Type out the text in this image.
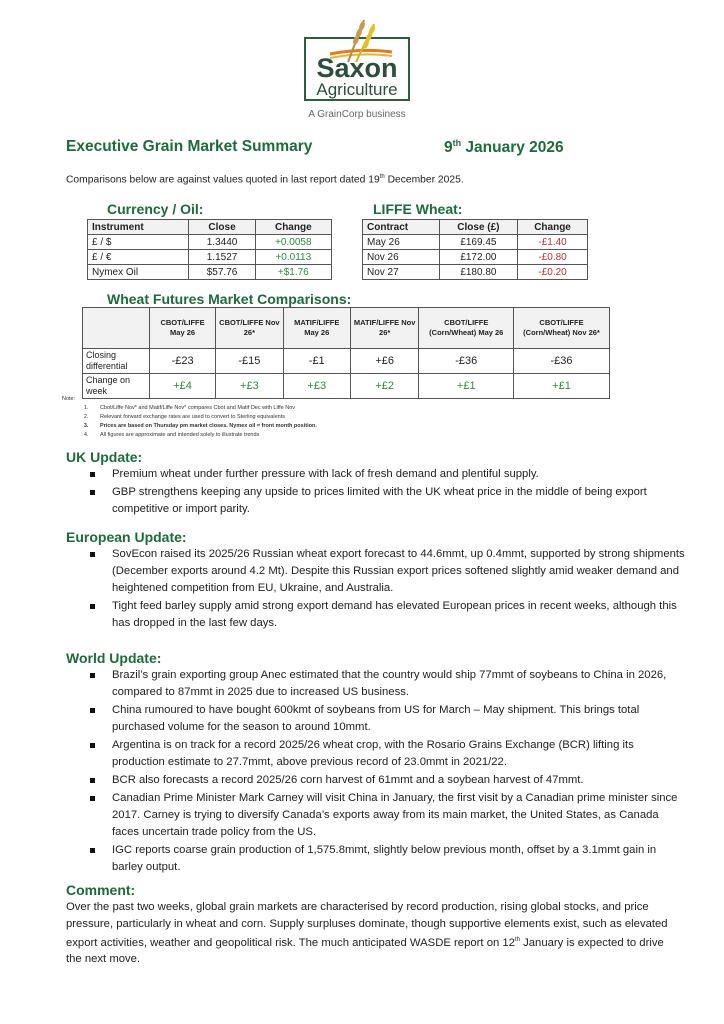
Saxon
Agriculture
A GrainCorp business
Executive Grain Market Summary	9th January 2026
Comparisons below are against values quoted in last report dated 19th December 2025.
Currency / Oil:
Instrument	Close	Change
£ / $	1.3440	+0.0058
£ / €	1.1527	+0.0113
Nymex Oil	$57.76	+$1.76
LIFFE Wheat:
Contract	Close (£)	Change
May 26	£169.45	-£1.40
Nov 26	£172.00	-£0.80
Nov 27	£180.80	-£0.20
Wheat Futures Market Comparisons:
	CBOT/LIFFE May 26	CBOT/LIFFE Nov 26*	MATIF/LIFFE May 26	MATIF/LIFFE Nov 26*	CBOT/LIFFE (Corn/Wheat) May 26	CBOT/LIFFE (Corn/Wheat) Nov 26*
Closing differential	-£23	-£15	-£1	+£6	-£36	-£36
Change on week	+£4	+£3	+£3	+£2	+£1	+£1
Note:
1. Cbot/Liffe Nov* and Matif/Liffe Nov* compares Cbot and Matif Dec with Liffe Nov
2. Relevant forward exchange rates are used to convert to Sterling equivalents
3. Prices are based on Thursday pm market closes. Nymex oil = front month position.
4. All figures are approximate and intended solely to illustrate trends
UK Update:
Premium wheat under further pressure with lack of fresh demand and plentiful supply.
GBP strengthens keeping any upside to prices limited with the UK wheat price in the middle of being export competitive or import parity.
European Update:
SovEcon raised its 2025/26 Russian wheat export forecast to 44.6mmt, up 0.4mmt, supported by strong shipments (December exports around 4.2 Mt). Despite this Russian export prices softened slightly amid weaker demand and heightened competition from EU, Ukraine, and Australia.
Tight feed barley supply amid strong export demand has elevated European prices in recent weeks, although this has dropped in the last few days.
World Update:
Brazil’s grain exporting group Anec estimated that the country would ship 77mmt of soybeans to China in 2026, compared to 87mmt in 2025 due to increased US business.
China rumoured to have bought 600kmt of soybeans from US for March – May shipment. This brings total purchased volume for the season to around 10mmt.
Argentina is on track for a record 2025/26 wheat crop, with the Rosario Grains Exchange (BCR) lifting its production estimate to 27.7mmt, above previous record of 23.0mmt in 2021/22.
BCR also forecasts a record 2025/26 corn harvest of 61mmt and a soybean harvest of 47mmt.
Canadian Prime Minister Mark Carney will visit China in January, the first visit by a Canadian prime minister since 2017. Carney is trying to diversify Canada’s exports away from its main market, the United States, as Canada faces uncertain trade policy from the US.
IGC reports coarse grain production of 1,575.8mmt, slightly below previous month, offset by a 3.1mmt gain in barley output.
Comment:
Over the past two weeks, global grain markets are characterised by record production, rising global stocks, and price pressure, particularly in wheat and corn. Supply surpluses dominate, though supportive elements exist, such as elevated export activities, weather and geopolitical risk. The much anticipated WASDE report on 12th January is expected to drive the next move.
